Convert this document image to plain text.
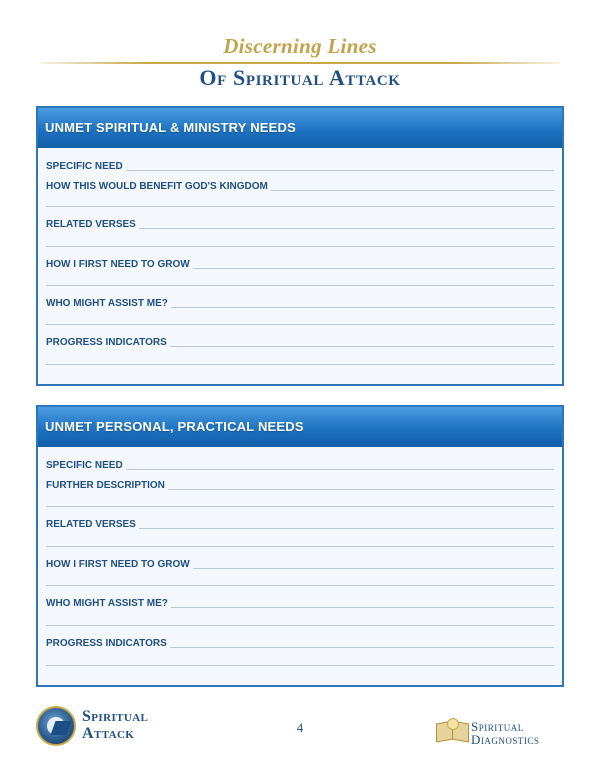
Discerning Lines
Of Spiritual Attack
UNMET SPIRITUAL & MINISTRY NEEDS
SPECIFIC NEED
HOW THIS WOULD BENEFIT GOD'S KINGDOM
RELATED VERSES
HOW I FIRST NEED TO GROW
WHO MIGHT ASSIST ME?
PROGRESS INDICATORS
UNMET PERSONAL, PRACTICAL NEEDS
SPECIFIC NEED
FURTHER DESCRIPTION
RELATED VERSES
HOW I FIRST NEED TO GROW
WHO MIGHT ASSIST ME?
PROGRESS INDICATORS
Spiritual
Attack	4	Spiritual
Diagnostics
